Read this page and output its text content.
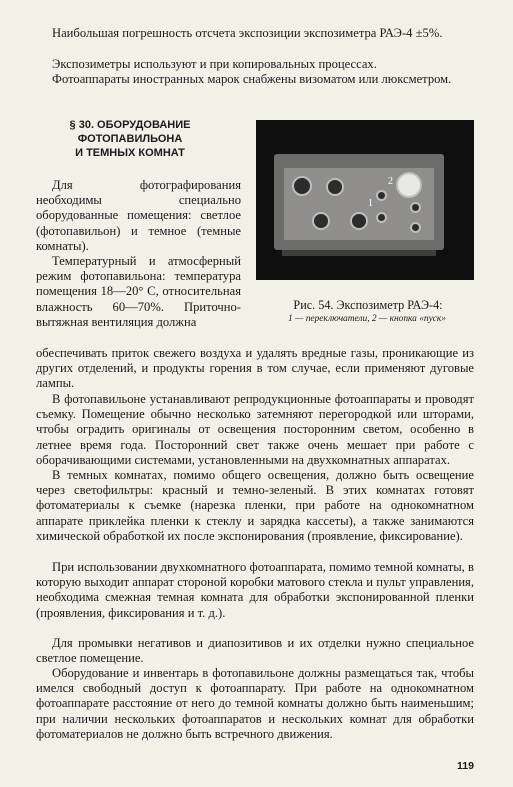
Наибольшая погрешность отсчета экспозиции экспозиметра РАЭ-4 ±5%.

Экспозиметры используют и при копировальных процессах.

Фотоаппараты иностранных марок снабжены визоматом или люксметром.

§ 30. ОБОРУДОВАНИЕ
ФОТОПАВИЛЬОНА
И ТЕМНЫХ КОМНАТ
2
1

Рис. 54. Экспозиметр РАЭ-4:

1 — переключатели, 2 — кнопка «пуск»

Для фотографирования необходимы специально оборудованные помещения: светлое (фотопавильон) и темное (темные комнаты).

Температурный и атмосферный режим фотопавильона: температура помещения 18—20° С, относительная влажность 60—70%. Приточно-вытяжная вентиляция должна

обеспечивать приток свежего воздуха и удалять вредные газы, проникающие из других отделений, и продукты горения в том случае, если применяют дуговые лампы.

В фотопавильоне устанавливают репродукционные фотоаппараты и проводят съемку. Помещение обычно несколько затемняют перегородкой или шторами, чтобы оградить оригиналы от освещения посторонним светом, особенно в летнее время года. Посторонний свет также очень мешает при работе с оборачивающими системами, установленными на двухкомнатных аппаратах.

В темных комнатах, помимо общего освещения, должно быть освещение через светофильтры: красный и темно-зеленый. В этих комнатах готовят фотоматериалы к съемке (нарезка пленки, при работе на однокомнатном аппарате приклейка пленки к стеклу и зарядка кассеты), а также занимаются химической обработкой их после экспонирования (проявление, фиксирование).

При использовании двухкомнатного фотоаппарата, помимо темной комнаты, в которую выходит аппарат стороной коробки матового стекла и пульт управления, необходима смежная темная комната для обработки экспонированной пленки (проявления, фиксирования и т. д.).

Для промывки негативов и диапозитивов и их отделки нужно специальное светлое помещение.

Оборудование и инвентарь в фотопавильоне должны размещаться так, чтобы имелся свободный доступ к фотоаппарату. При работе на однокомнатном фотоаппарате расстояние от него до темной комнаты должно быть наименьшим; при наличии нескольких фотоаппаратов и нескольких комнат для обработки фотоматериалов не должно быть встречного движения.

119
